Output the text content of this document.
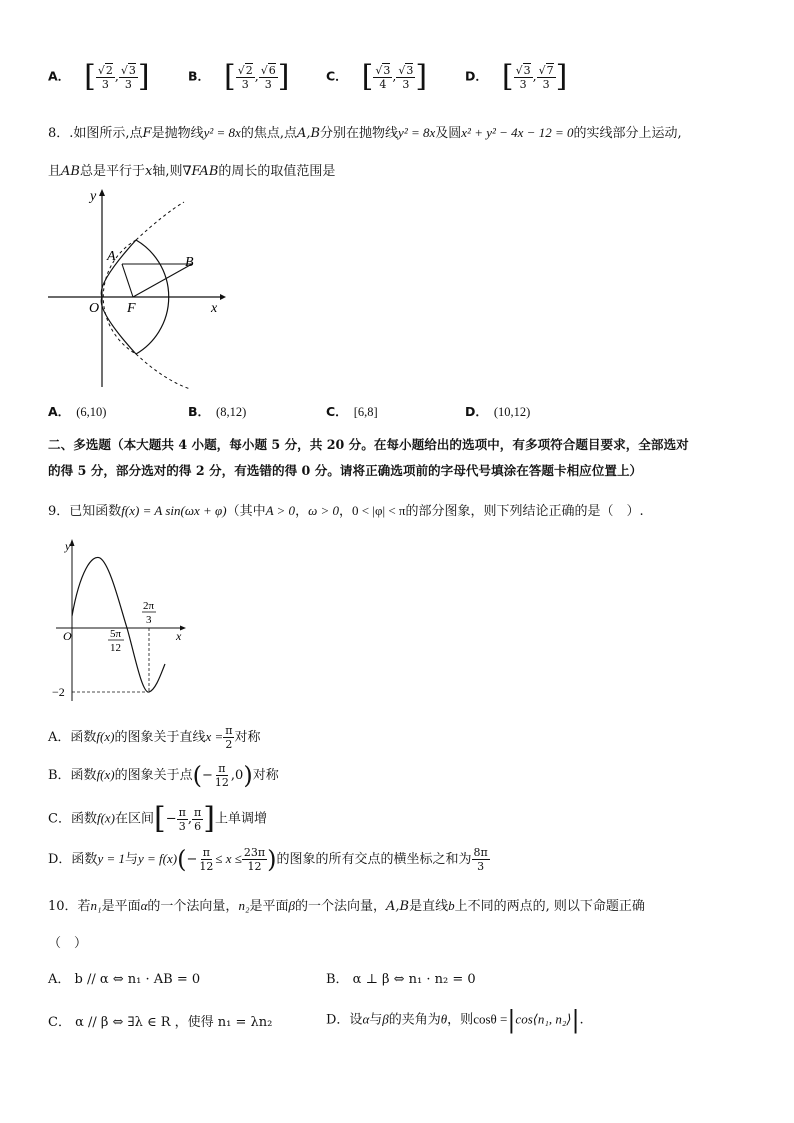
A． [ $\frac{√2}{3}$ , $\frac{√3}{3}$ ]	B． [ $\frac{√2}{3}$ , $\frac{√6}{3}$ ]	C． [ $\frac{√3}{4}$ , $\frac{√3}{3}$ ]	D． [ $\frac{√3}{3}$ , $\frac{√7}{3}$ ]
8．.如图所示,点F是抛物线y² = 8x的焦点,点A,B分别在抛物线y² = 8x及圆x² + y² − 4x − 12 = 0的实线部分上运动,
且AB总是平行于x轴,则∇FAB的周长的取值范围是
y
x
O F
A	B
A． (6,10)	B． (8,12)	C． [6,8]	D． (10,12)
二、多选题（本大题共 4 小题，每小题 5 分，共 20 分。在每小题给出的选项中，有多项符合题目要求，全部选对
的得 5 分，部分选对的得 2 分，有选错的得 0 分。请将正确选项前的字母代号填涂在答题卡相应位置上）
9．已知函数f(x) = A sin(ωx + φ)（其中A > 0，ω > 0，0 < |φ| < π的部分图象，则下列结论正确的是（　）.
y
x
O	5π
12
2π
3
−2
A．函数f(x)的图象关于直线$x = \frac{\pi}{2}$ 对称
B．函数f(x)的图象关于点(− $\frac{\pi}{12} ,0$)对称
C．函数f(x)在区间[− $\frac{\pi}{3}$ , $\frac{\pi}{6}$ ]上单调增
D．函数y = 1与$y = f(x)(- \frac{\pi}{12} \le x \le \frac{23\pi}{12}$ )的图象的所有交点的横坐标之和为 $\frac{8\pi}{3}$
10．若n₁是平面α的一个法向量，n₂是平面β的一个法向量，A,B是直线b上不同的两点的, 则以下命题正确
（　）
A． b // α ⇔ n₁ · AB = 0	B． α ⊥ β ⇔ n₁ · n₂ = 0
C． α // β ⇔ ∃λ ∈ R ，使得 n₁ = λn₂	D．设α与β的夹角为θ，则cosθ =|cos⟨n₁, n₂⟩|.
